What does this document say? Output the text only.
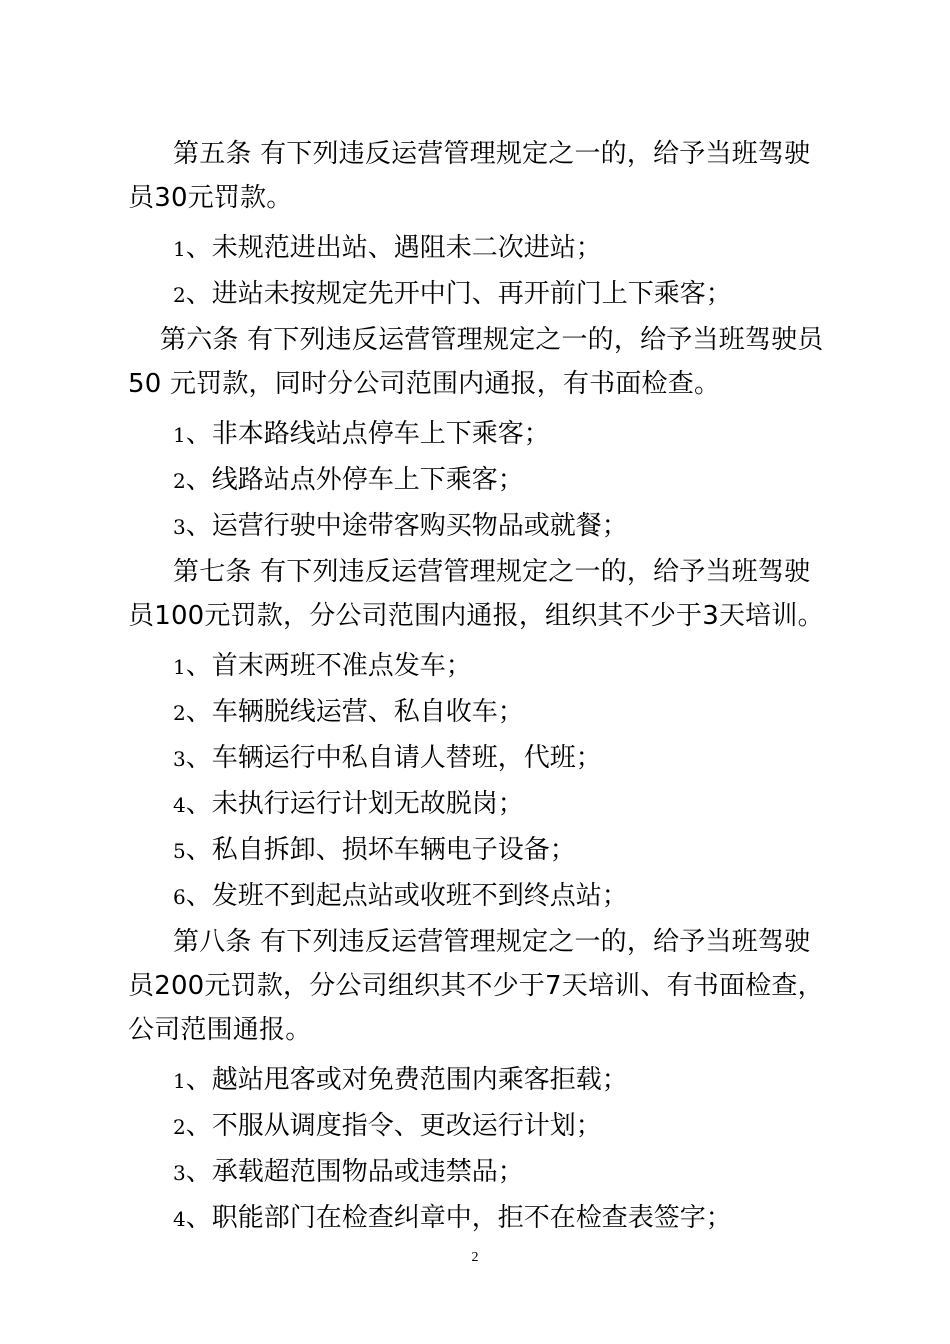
第五条 有下列违反运营管理规定之一的，给予当班驾驶员30元罚款。

1、未规范进出站、遇阻未二次进站；

2、进站未按规定先开中门、再开前门上下乘客；

第六条 有下列违反运营管理规定之一的，给予当班驾驶员50 元罚款，同时分公司范围内通报，有书面检查。

1、非本路线站点停车上下乘客；

2、线路站点外停车上下乘客；

3、运营行驶中途带客购买物品或就餐；

第七条 有下列违反运营管理规定之一的，给予当班驾驶员100元罚款，分公司范围内通报，组织其不少于3天培训。

1、首末两班不准点发车；

2、车辆脱线运营、私自收车；

3、车辆运行中私自请人替班，代班；

4、未执行运行计划无故脱岗；

5、私自拆卸、损坏车辆电子设备；

6、发班不到起点站或收班不到终点站；

第八条 有下列违反运营管理规定之一的，给予当班驾驶员200元罚款，分公司组织其不少于7天培训、有书面检查，公司范围通报。

1、越站甩客或对免费范围内乘客拒载；

2、不服从调度指令、更改运行计划；

3、承载超范围物品或违禁品；

4、职能部门在检查纠章中，拒不在检查表签字；

2
